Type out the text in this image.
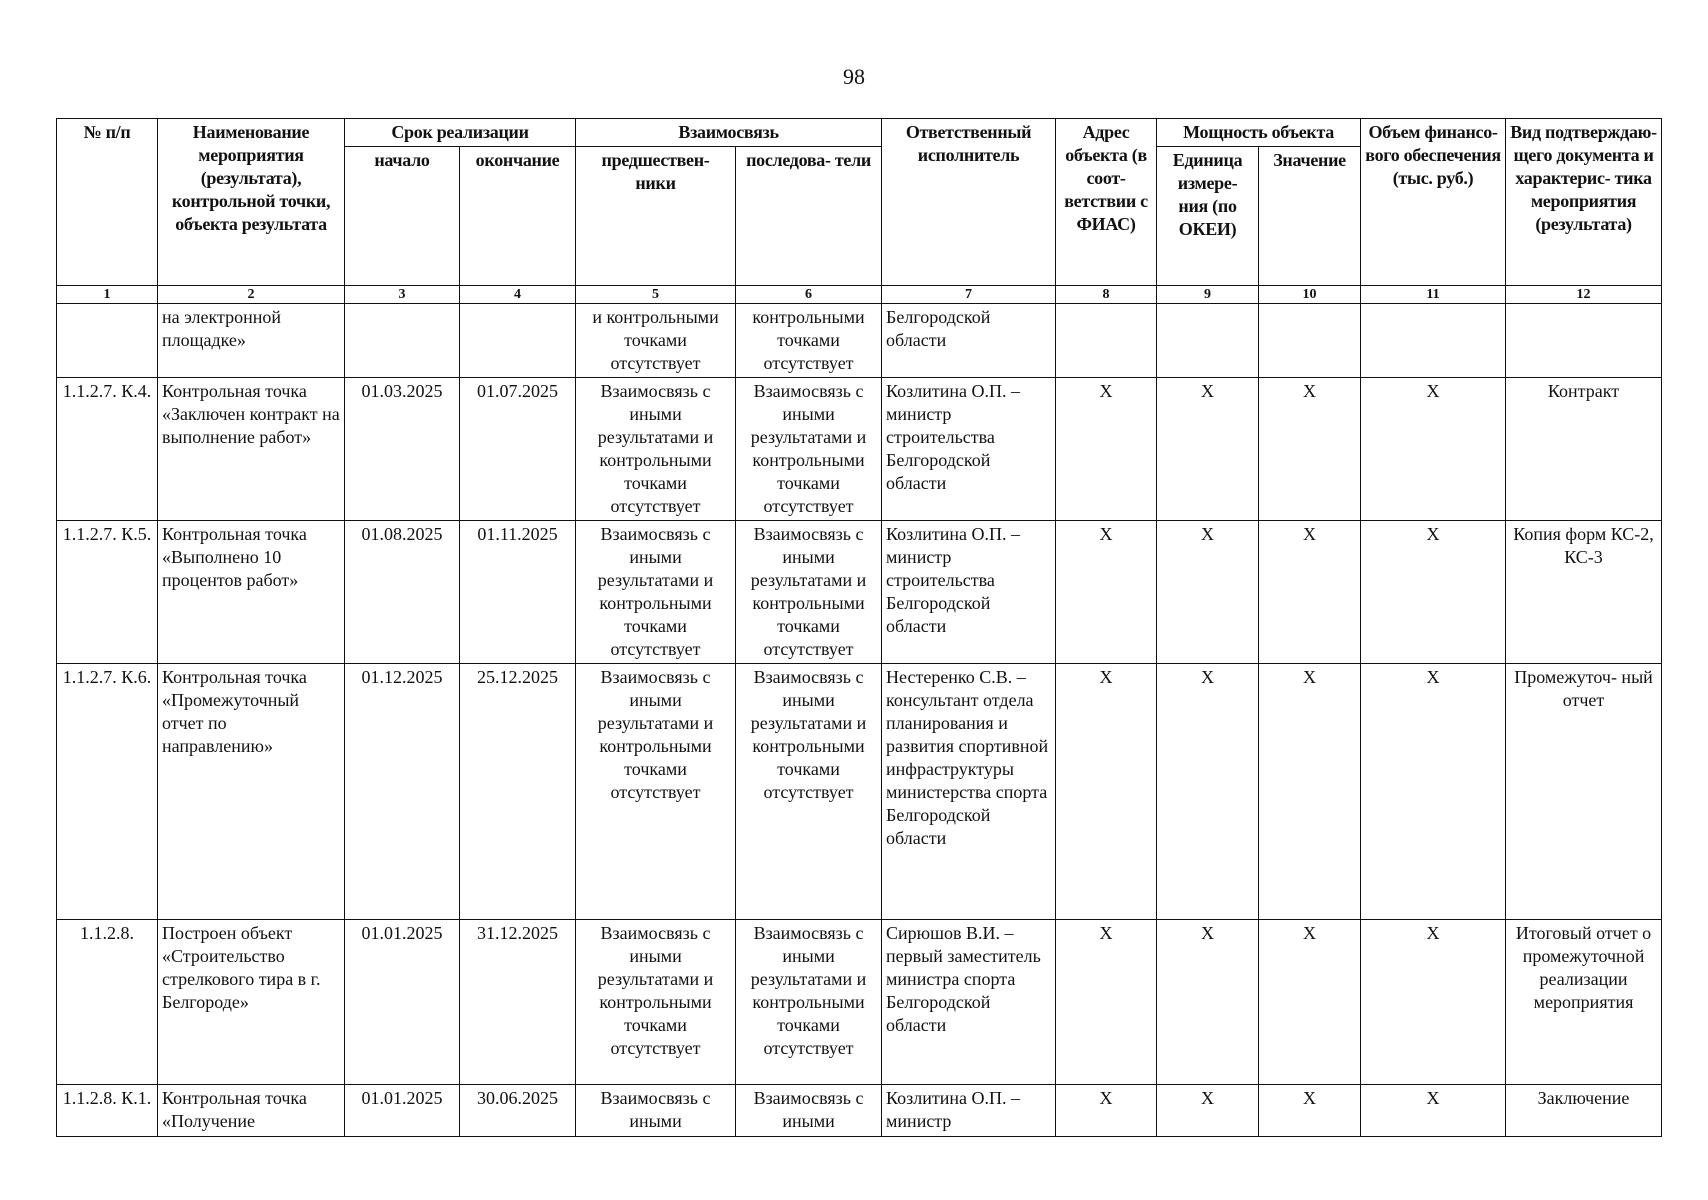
98
№ п/п	Наименование мероприятия (результата), контрольной точки, объекта результата	Срок реализации		Взаимосвязь		Ответственный исполнитель	Адрес объекта (в соот- ветствии с ФИАС)	Мощность объекта		Объем финансо-вого обеспечения (тыс. руб.)	Вид подтверждаю- щего документа и характерис- тика мероприятия (результата)
		начало	окончание	предшествен- ники	последова- тели			Единица измере- ния (по ОКЕИ)	Значение		
1	2	3	4	5	6	7	8	9	10	11	12
	на электронной площадке»			и контрольными точками отсутствует	контрольными точками отсутствует	Белгородской области					
1.1.2.7. К.4.	Контрольная точка «Заключен контракт на выполнение работ»	01.03.2025	01.07.2025	Взаимосвязь с иными результатами и контрольными точками отсутствует	Взаимосвязь с иными результатами и контрольными точками отсутствует	Козлитина О.П. – министр строительства Белгородской области	X	X	X	X	Контракт
1.1.2.7. К.5.	Контрольная точка «Выполнено 10 процентов работ»	01.08.2025	01.11.2025	Взаимосвязь с иными результатами и контрольными точками отсутствует	Взаимосвязь с иными результатами и контрольными точками отсутствует	Козлитина О.П. – министр строительства Белгородской области	X	X	X	X	Копия форм КС-2, КС-3
1.1.2.7. К.6.	Контрольная точка «Промежуточный отчет по направлению»	01.12.2025	25.12.2025	Взаимосвязь с иными результатами и контрольными точками отсутствует	Взаимосвязь с иными результатами и контрольными точками отсутствует	Нестеренко С.В. – консультант отдела планирования и развития спортивной инфраструктуры министерства спорта Белгородской области	X	X	X	X	Промежуточ- ный отчет
1.1.2.8.	Построен объект «Строительство стрелкового тира в г. Белгороде»	01.01.2025	31.12.2025	Взаимосвязь с иными результатами и контрольными точками отсутствует	Взаимосвязь с иными результатами и контрольными точками отсутствует	Сирюшов В.И. – первый заместитель министра спорта Белгородской области	X	X	X	X	Итоговый отчет о промежуточной реализации мероприятия
1.1.2.8. К.1.	Контрольная точка «Получение	01.01.2025	30.06.2025	Взаимосвязь с иными	Взаимосвязь с иными	Козлитина О.П. – министр	X	X	X	X	Заключение
